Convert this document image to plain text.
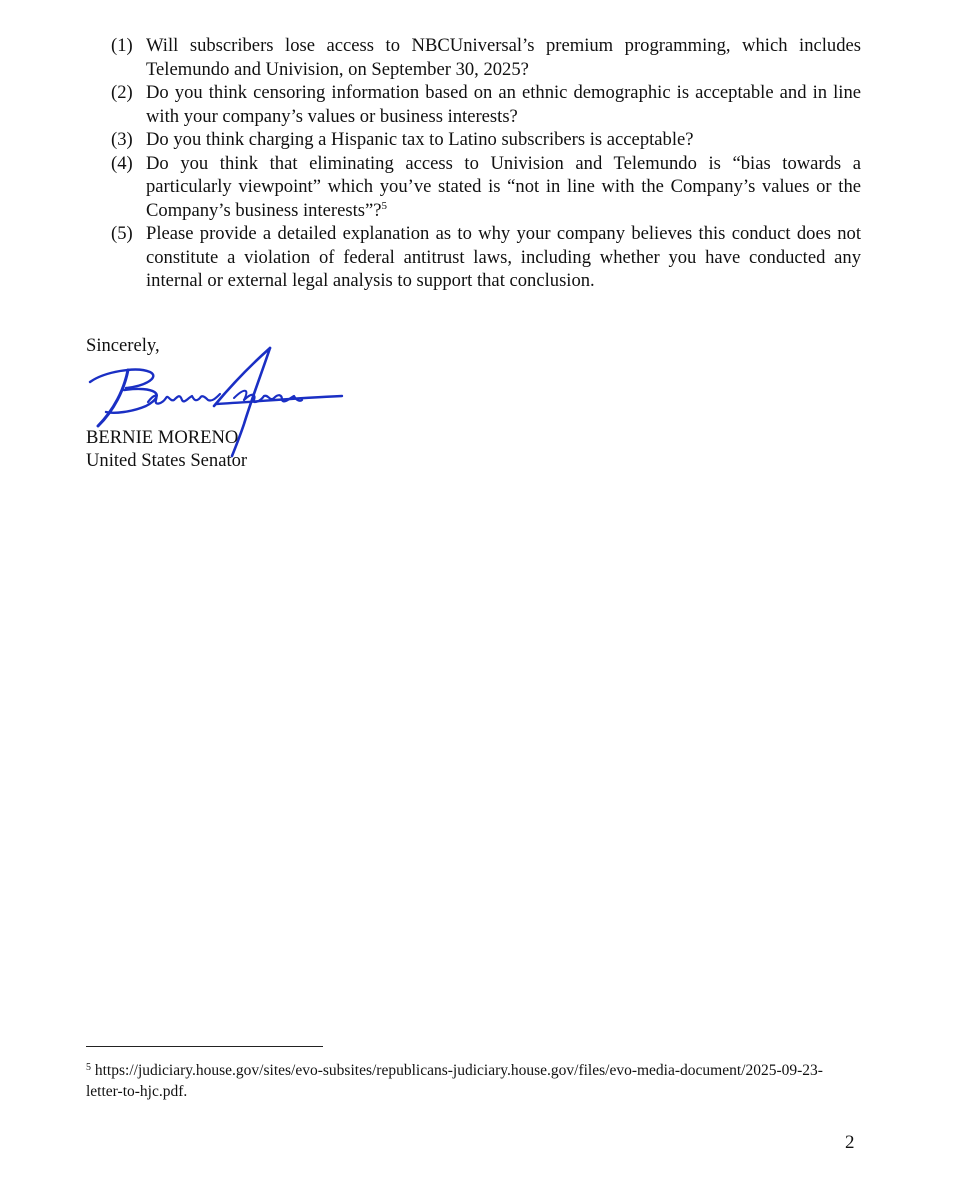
(1) Will subscribers lose access to NBCUniversal’s premium programming, which includes Telemundo and Univision, on September 30, 2025?
(2) Do you think censoring information based on an ethnic demographic is acceptable and in line with your company’s values or business interests?
(3) Do you think charging a Hispanic tax to Latino subscribers is acceptable?
(4) Do you think that eliminating access to Univision and Telemundo is “bias towards a particularly viewpoint” which you’ve stated is “not in line with the Company’s values or the Company’s business interests”?$^5$
(5) Please provide a detailed explanation as to why your company believes this conduct does not constitute a violation of federal antitrust laws, including whether you have conducted any internal or external legal analysis to support that conclusion.
Sincerely,
BERNIE MORENO
United States Senator
$^5$ https://judiciary.house.gov/sites/evo-subsites/republicans-judiciary.house.gov/files/evo-media-document/2025-09-23-letter-to-hjc.pdf.
2
